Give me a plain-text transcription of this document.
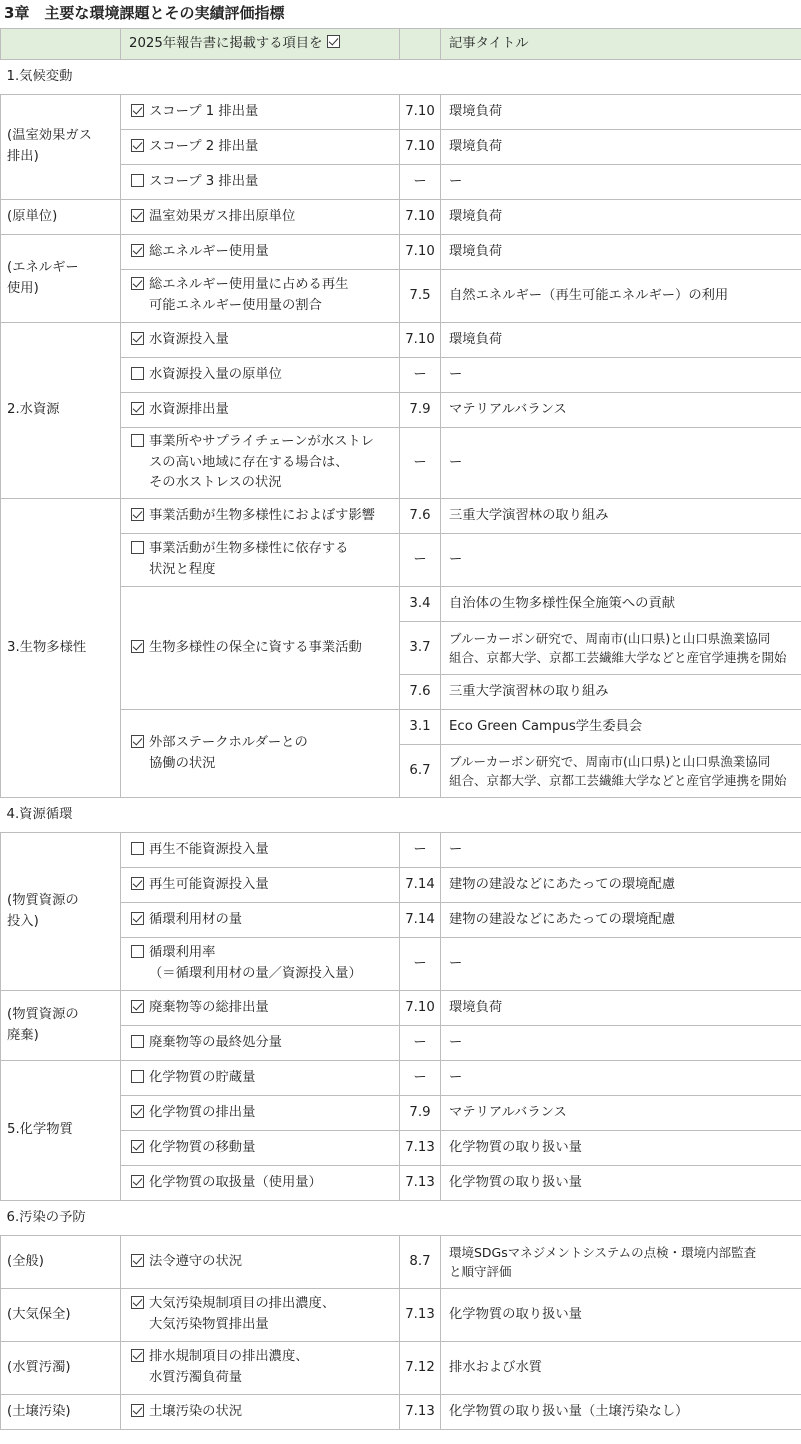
3章　主要な環境課題とその実績評価指標
	2025年報告書に掲載する項目を		記事タイトル
1.気候変動			
(温室効果ガス
排出)	スコープ 1 排出量	7.10	環境負荷

	スコープ 2 排出量	7.10	環境負荷

	スコープ 3 排出量	ー	ー
(原単位)	温室効果ガス排出原単位	7.10	環境負荷
(エネルギー
使用)	総エネルギー使用量	7.10	環境負荷

	総エネルギー使用量に占める再生
可能エネルギー使用量の割合	7.5	自然エネルギー（再生可能エネルギー）の利用
2.水資源	水資源投入量	7.10	環境負荷

	水資源投入量の原単位	ー	ー

	水資源排出量	7.9	マテリアルバランス

	事業所やサプライチェーンが水ストレ
スの高い地域に存在する場合は、
その水ストレスの状況	ー	ー
3.生物多様性	事業活動が生物多様性におよぼす影響	7.6	三重大学演習林の取り組み

	事業活動が生物多様性に依存する
状況と程度	ー	ー

	生物多様性の保全に資する事業活動	3.4	自治体の生物多様性保全施策への貢献
		3.7	ブルーカーボン研究で、周南市(山口県)と山口県漁業協同
組合、京都大学、京都工芸繊維大学などと産官学連携を開始
		7.6	三重大学演習林の取り組み

	外部ステークホルダーとの
協働の状況	3.1	Eco Green Campus学生委員会
		6.7	ブルーカーボン研究で、周南市(山口県)と山口県漁業協同
組合、京都大学、京都工芸繊維大学などと産官学連携を開始
4.資源循環			
(物質資源の
投入)	再生不能資源投入量	ー	ー

	再生可能資源投入量	7.14	建物の建設などにあたっての環境配慮

	循環利用材の量	7.14	建物の建設などにあたっての環境配慮

	循環利用率
（＝循環利用材の量／資源投入量）	ー	ー
(物質資源の
廃棄)	廃棄物等の総排出量	7.10	環境負荷

	廃棄物等の最終処分量	ー	ー
5.化学物質	化学物質の貯蔵量	ー	ー

	化学物質の排出量	7.9	マテリアルバランス

	化学物質の移動量	7.13	化学物質の取り扱い量

	化学物質の取扱量（使用量）	7.13	化学物質の取り扱い量
6.汚染の予防			
(全般)	法令遵守の状況	8.7	環境SDGsマネジメントシステムの点検・環境内部監査
と順守評価
(大気保全)	大気汚染規制項目の排出濃度、
大気汚染物質排出量	7.13	化学物質の取り扱い量
(水質汚濁)	排水規制項目の排出濃度、
水質汚濁負荷量	7.12	排水および水質
(土壌汚染)	土壌汚染の状況	7.13	化学物質の取り扱い量（土壌汚染なし）
